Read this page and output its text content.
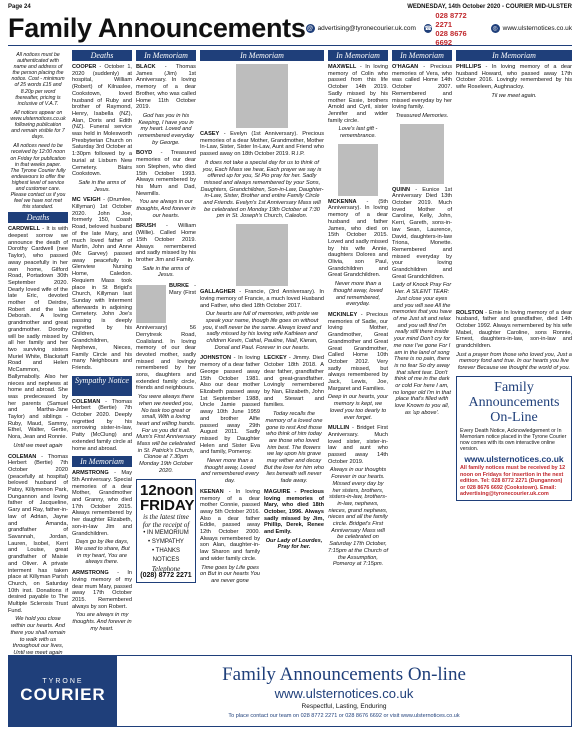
Page 24	WEDNESDAY, 14th October 2020 - COURIER MID-ULSTER
Family Announcements @ advertising@tyronecourier.uk.com ☎
028 8772 2271
028 8676 6692
◎ www.ulsternotices.co.uk

All notices must be authenticated with name and address of the person placing the notice. Cost - minimum of 25 words £15 and 8.20p per word thereafter, pricing is inclusive of V.A.T.

All notices appear on www.ulsternotices.co.uk following publication and remain visible for 7 days.

All notices need to be received by 12:00 noon on Friday for publication in that weeks paper. The Tyrone Courier fully endeavours to offer the highest level of service and customer care. Please contact us if you feel we have not met this standard.

Deaths
CARDWELL - It is with deepest sorrow we announce the death of Dorothy Cardwell (nee Taylor), who passed away peacefully in her own home, Gilford Road, Portadown 30th September 2020. Dearly loved wife of the late Eric, devoted mother of Deirdre, Robert and the late Deborah. A loving grandmother and great grandmother. Dorothy will be sadly missed by all her family and her two surviving sisters Muriel White, Blackstaff Road and Helen McCammon, Ballymabolly. Also her nieces and nephews at home and abroad. She was predeceased by her parents (Samuel and Martha-Jane Taylor) and siblings - Ruby, Maud, Sammy, Ethel, Walter, Gertie, Nora, Jean and Ronnie.
Until we meet again
COLEMAN - Thomas Herbert (Bertie) 7th October 2020 (peacefully at hospital) beloved husband of Patsy, Killymenon Park, Dungannon and loving father of Jacqueline, Gary and Ray, father-in-law of Adrian, Jayne and Amanda, grandfather of Savannah, Jordan, Lauren, Isobel, Kerri and Louise, great grandfather of Maisie and Oliver. A private interment has taken place at Killyman Parish Church, on Saturday 10th inst. Donations if desired payable to The Multiple Sclerosis Trust Fund.
We hold you close within our hearts. And there you shall remain to walk with us throughout our lives, Until we meet again
Deaths
COOPER - October 1, 2020 (suddenly) at hospital, William (Robert) of Kilnaslee, Cookstown, loved husband of Ruby and brother of Raymond, Henry, Isabella (NZ), Alan, Doris and Edith (NZ). Funeral service was held in Molesworth Presbyterian Church on Saturday 3rd October at 1:30pm followed by a burial at Lisburn New Cemetery. Blairs Cookstown.
Safe in the arms of Jesus.
MC VEIGH - (Drumlee, Killyman) 1st October 2020. John Joe, formerly 150, Coash Road, beloved husband of the late Mary, and much loved father of Martin, John and Anne (Mc Garvey) passed away peacefully in Glenview Nursing Home, Caledon. Requiem Mass took place in St Brigid's Church, Killyman last Sunday with Interment afterwards in adjoining Cemetery. John Joe's passing is deeply regretted by his Children, Grandchildren, Nephews, Nieces, Family Circle and his many Neighbours and Friends.
Sympathy Notice
COLEMAN - Thomas Herbert (Bertie) 7th October 2020. Deeply regretted by his sorrowing sister-in-law, Patty (McClung) and extended family circle at home and abroad.
In Memoriam
ARMSTRONG - May 5th Anniversary. Special memories of a dear Mother, Grandmother and Granny, who died 17th October 2015. Always remembered by her daughter Elizabeth, son-in-law Jim and Grandchildren.
Days go by like days, We used to share, But in my heart, You are always there.
ARMSTRONG - In loving memory of my dear mum Mary, passed away 17th October 2015. Remembered always by son Robert.
You are always in my thoughts. And forever in my heart.
In Memoriam
BLACK - Thomas James (Jim) 1st Anniversary. In loving memory of a dear Brother, who was called Home 11th October 2019.
God has you in his Keeping, I have you in my heart. Loved and remembered everyday by George.
BOYD - Treasured memories of our dear son Stephen, who died 15th October 1993. Always remembered by his Mum and Dad, Newmills.
You are always in our thoughts, And forever in our hearts.
BRUSH - William (Willie). Called Home 15th October 2019. Always remembered and sadly missed by his brother Jim and Family.
Safe in the arms of Jesus.
BURKE - Mary (First Anniversary) 56 Derrytresk Road, Coalisland. In loving memory of our dear devoted mother, sadly missed and lovingly remembered by her sons, daughters and extended family circle, friends and neighbours.
You were always there when we needed you, No task too great or small, With a loving heart and willing hands. For us you did it all. Mum's First Anniversary Mass will be celebrated in St. Patrick's Church, Clonoe at 7.30pm Monday 19th October 2020.
12noon FRIDAY
is the latest time for the receipt of
• IN MEMORIUM
• SYMPATHY
• THANKS NOTICES
Telephone
(028) 8772 2271
In Memoriam
CASEY - Evelyn (1st Anniversary). Precious memories of a dear Mother, Grandmother, Mother In-Law, Sister, Sister In-Law, Aunt and Friend who passed away on 18th October 2019. R.I.P.
It does not take a special day for us to think of you, Each Mass we hear, Each prayer we say is offered up for you, St Pio pray for her. Sadly missed and always remembered by your Sons, Daughters, Grandchildren, Son-in-Law, Daughter-in-Law, Sister, Brother and entire Family Circle and Friends. Evelyn's 1st Anniversary Mass will be celebrated on Monday 19th October at 7:30 pm in St. Joseph's Church, Caledon.
GALLAGHER - Francie, (3rd Anniversary). In loving memory of Francie, a much loved Husband and Father, who died 18th October 2017.
Our hearts are full of memories, with pride we speak your name, though life goes on without you, it will never be the same. Always loved and sadly missed by his loving wife Kathleen and children Kevin, Cathal, Pauline, Niall, Kieran, Donal and Paul. Forever in our hearts.
JOHNSTON - In loving memory of a dear father George passed away 15th October 1981. Also our dear mother Elizabeth passed away 1st September 1988, Uncle Jamie passed away 10th June 1959 and brother Alfie passed away 29th August 2011. Sadly missed by Daughter Helen and Sister Eva and family, Pomeroy.
Never more than a thought away, Loved and remembered every day.
KEENAN - In loving memory of a dear mother Connie, passed away 5th October 2016. Also a dear father Eddie, passed away 12th October 2000. Always remembered by son Alan, daughter-in-law Sharon and family and wider family circle.
Time goes by Life goes on But in our hearts You are never gone
LECKEY - Jimmy. Died October 18th 2018. A dear father, grandfather and great-grandfather. Lovingly remembered by Nan, Elizabeth, John and Stewart and families.
Today recalls the memory of a loved one gone to rest And those who think of him today are those who loved him best. The flowers we lay upon his grave may wither and decay But the love for him who lies beneath will never fade away.
MAGUIRE - Precious loving memories of Mary, who died 18th October, 1996. Always sadly missed by Jim, Phillip, Derek, Renee and Emily.
Our Lady of Lourdes, Pray for her.
In Memoriam
MAXWELL - In loving memory of Colin who passed from this life October 14th 2019. Sadly missed by his mother Essie, brothers Arnold and Cyril, sister Jennifer and wider family circle.
Love's last gift - remembrance.
MCKENNA - (5th Anniversary). In loving memory of a dear husband and father James, who died on 15th October 2015. Loved and sadly missed by his wife Annie, daughters Dolores and Olivia, son Paul, Grandchildren and Great Grandchildren.
Never more than a thought away, loved and remembered, everyday.
MCKINLEY - Precious memories of Sadie, our loving Mother, Grandmother, Great Grandmother and Great Great Grandmother, Called Home 10th October 2012. Very sadly missed, but always remembered by Jack, Lewis, Joe, Margaret and Families.
Deep in our hearts, your memory is kept, we loved you too dearly to ever forget.
MULLIN - Bridget First Anniversary. Much loved sister, sister-in-law and aunt who passed away 14th October 2019.
Always in our thoughts Forever in our hearts. Missed every day by her sisters, brothers, sisters-in-law, brothers-in-law, nephews, nieces, grand nephews, nieces and all the family circle. Bridget's First Anniversary Mass will be celebrated on Saturday 17th October, 7:15pm at the Church of the Assumption, Pomeroy at 7:15pm.
In Memoriam
O'HAGAN - Precious memories of Vera, who was called Home 14th October 2007. Remembered and missed everyday by her loving family.
Treasured Memories.
QUINN - Eunice 1st Anniversary Died 13th October 2019. Much loved Mother of Caroline, Kelly, John, Kerri, Gareth, sons-in-law Sean, Laurence, David, daughters-in-law Triona, Monette. Remembered and missed everyday by your loving Grandchildren and Great Grandchildren.
Lady of Knock Pray For Her. A SILENT TEAR: Just close your eyes and you will see All the memories that you have of me Just sit and relax and you will find I'm really still there inside your mind Don't cry for me now I've gone For I am in the land of song There is no pain, there is no fear So dry away that silent tear. Don't think of me in the dark or cold For here I am, no longer old I'm in that place that's filled with love Known to you all, as 'up above'.
In Memoriam
PHILLIPS - In loving memory of a dear husband Howard, who passed away 17th October 2016. Lovingly remembered by his wife Roseleen, Aughnacloy.
Til we meet again.
ROLSTON - Ernie In loving memory of a dear husband, father and grandfather, died 14th October 1992. Always remembered by his wife Mabel, daughter Caroline, sons Ronnie, Ernest, daughters-in-law, son-in-law and grandchildren.
Just a prayer from those who loved you, Just a memory fond and true. In our hearts you live forever Because we thought the world of you.
Family Announcements On-Line
Every Death Notice, Acknowledgement or In Memoriam notice placed in the Tyrone Courier now comes with its own interactive online version.
www.ulsternotices.co.uk
All family notices must be received by 12 noon on Fridays for insertion in the next edition. Tel: 028 8772 2271 (Dungannon) or 028 8676 6692 (Cookstown). Email: advertising@tyronecourier.uk.com
TYRONE
COURIER
Family Announcements On-line
www.ulsternotices.co.uk
Respectful, Lasting, Enduring
To place contact our team on 028 8772 2271 or 028 8676 6692 or visit www.ulsternotices.co.uk
